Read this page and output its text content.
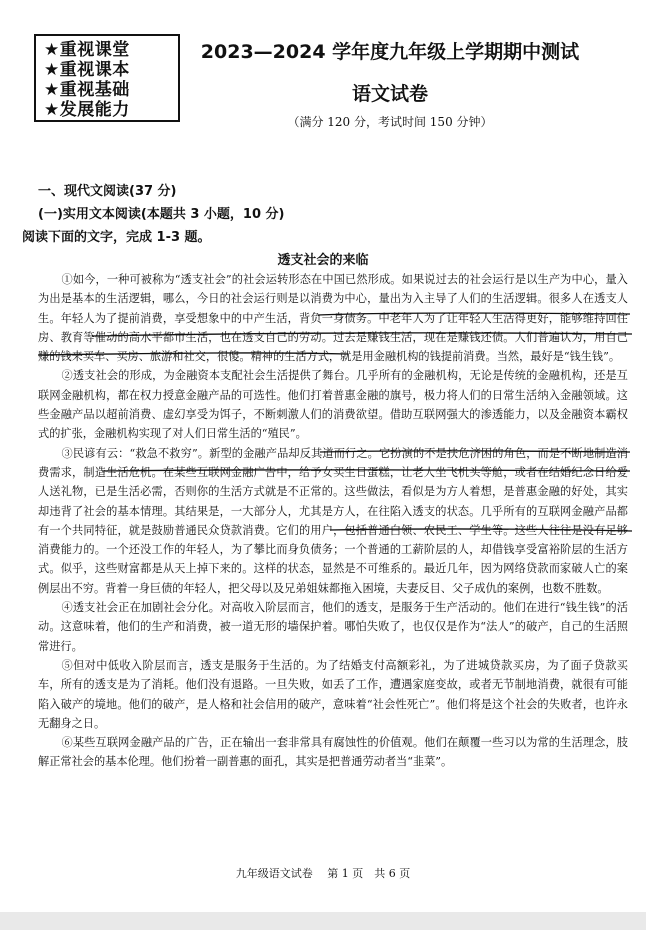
★重视课堂
★重视课本
★重视基础
★发展能力
2023—2024 学年度九年级上学期期中测试
语文试卷
（满分 120 分，考试时间 150 分钟）
一、现代文阅读(37 分)
(一)实用文本阅读(本题共 3 小题，10 分)
阅读下面的文字，完成 1-3 题。
透支社会的来临

①如今，一种可被称为“透支社会”的社会运转形态在中国已然形成。如果说过去的社会运行是以生产为中心，量入为出是基本的生活逻辑，哪么，今日的社会运行则是以消费为中心，量出为入主导了人们的生活逻辑。很多人在透支人生。年轻人为了提前消费，享受想象中的中产生活，背负一身债务。中老年人为了让年轻人生活得更好，能够维持回住房、教育等催动的高水平都市生活，也在透支自己的劳动。过去是赚钱生活，现在是赚钱还债。人们普遍认为，用自己赚的钱来买车、买房、旅游和社交，很傻。精神的生活方式，就是用金融机构的钱提前消费。当然，最好是“钱生钱”。

②透支社会的形成，为金融资本支配社会生活提供了舞台。几乎所有的金融机构，无论是传统的金融机构，还是互联网金融机构，都在权力授意金融产品的可选性。他们打着普惠金融的旗号，极力将人们的日常生活纳入金融领域。这些金融产品以超前消费、虚幻享受为饵子，不断刺激人们的消费欲望。借助互联网强大的渗透能力，以及金融资本霸权式的扩张，金融机构实现了对人们日常生活的“殖民”。

③民谚有云：“救急不救穷”。新型的金融产品却反其道而行之。它扮演的不是扶危济困的角色，而是不断地制造消费需求，制造生活危机。在某些互联网金融广告中，给予女买生日蛋糕，让老人坐飞机头等舱，或者在结婚纪念日给爱人送礼物，已是生活必需，否则你的生活方式就是不正常的。这些做法，看似是为方人着想，是普惠金融的好处，其实却违背了社会的基本情理。其结果是，一大部分人，尤其是方人，在往陷入透支的状态。几乎所有的互联网金融产品都有一个共同特征，就是鼓励普通民众贷款消费。它们的用户，包括普通白领、农民工、学生等。这些人往往是没有足够消费能力的。一个还没工作的年轻人，为了攀比而身负债务；一个普通的工薪阶层的人，却借钱享受富裕阶层的生活方式。似乎，这些财富都是从天上掉下来的。这样的状态，显然是不可维系的。最近几年，因为网络贷款而家破人亡的案例层出不穷。背着一身巨债的年轻人，把父母以及兄弟姐妹都拖入困境，夫妻反目、父子成仇的案例，也数不胜数。

④透支社会正在加剧社会分化。对高收入阶层而言，他们的透支，是服务于生产活动的。他们在进行“钱生钱”的活动。这意味着，他们的生产和消费，被一道无形的墙保护着。哪怕失败了，也仅仅是作为“法人”的破产，自己的生活照常进行。

⑤但对中低收入阶层而言，透支是服务于生活的。为了结婚支付高额彩礼，为了进城贷款买房，为了面子贷款买车，所有的透支是为了消耗。他们没有退路。一旦失败，如丢了工作，遭遇家庭变故，或者无节制地消费，就很有可能陷入破产的境地。他们的破产，是人格和社会信用的破产，意味着“社会性死亡”。他们将是这个社会的失败者，也许永无翻身之日。

⑥某些互联网金融产品的广告，正在输出一套非常具有腐蚀性的价值观。他们在颠覆一些习以为常的生活理念，肢解正常社会的基本伦理。他们扮着一副普惠的面孔，其实是把普通劳动者当“韭菜”。

九年级语文试卷　 第 1 页　共 6 页
